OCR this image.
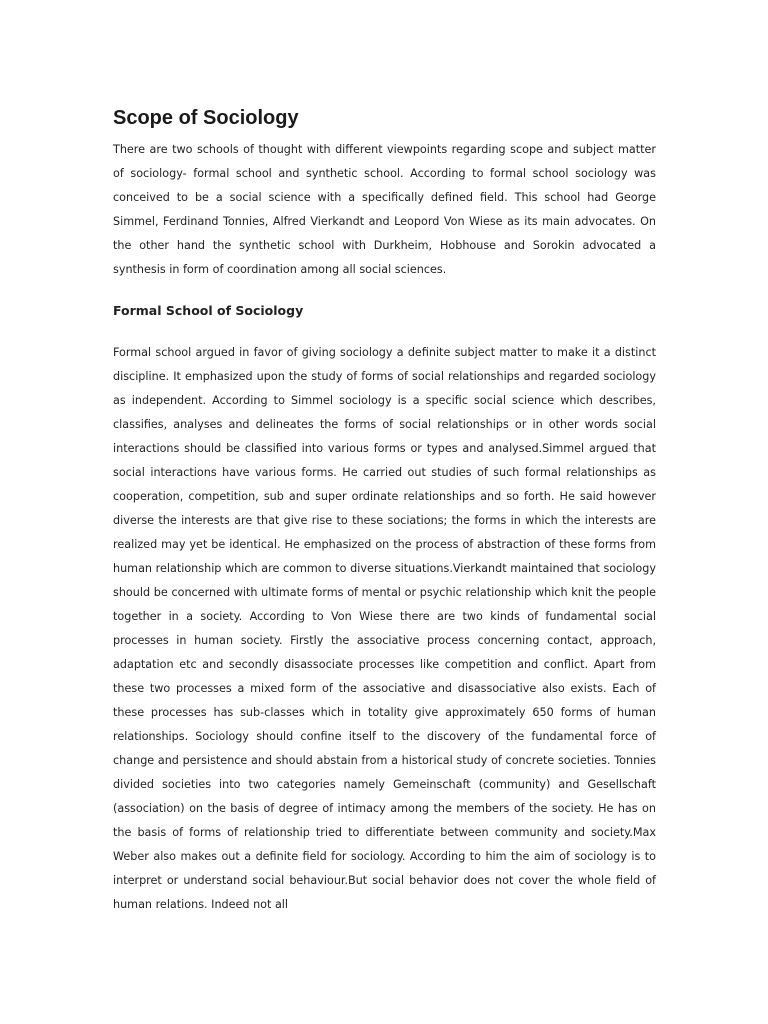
Scope of Sociology

There are two schools of thought with different viewpoints regarding scope and subject matter of sociology- formal school and synthetic school. According to formal school sociology was conceived to be a social science with a specifically defined field. This school had George Simmel, Ferdinand Tonnies, Alfred Vierkandt and Leopord Von Wiese as its main advocates. On the other hand the synthetic school with Durkheim, Hobhouse and Sorokin advocated a synthesis in form of coordination among all social sciences.

Formal School of Sociology

Formal school argued in favor of giving sociology a definite subject matter to make it a distinct discipline. It emphasized upon the study of forms of social relationships and regarded sociology as independent. According to Simmel sociology is a specific social science which describes, classifies, analyses and delineates the forms of social relationships or in other words social interactions should be classified into various forms or types and analysed.Simmel argued that social interactions have various forms. He carried out studies of such formal relationships as cooperation, competition, sub and super ordinate relationships and so forth. He said however diverse the interests are that give rise to these sociations; the forms in which the interests are realized may yet be identical. He emphasized on the process of abstraction of these forms from human relationship which are common to diverse situations.Vierkandt maintained that sociology should be concerned with ultimate forms of mental or psychic relationship which knit the people together in a society. According to Von Wiese there are two kinds of fundamental social processes in human society. Firstly the associative process concerning contact, approach, adaptation etc and secondly disassociate processes like competition and conflict. Apart from these two processes a mixed form of the associative and disassociative also exists. Each of these processes has sub-classes which in totality give approximately 650 forms of human relationships. Sociology should confine itself to the discovery of the fundamental force of change and persistence and should abstain from a historical study of concrete societies. Tonnies divided societies into two categories namely Gemeinschaft (community) and Gesellschaft (association) on the basis of degree of intimacy among the members of the society. He has on the basis of forms of relationship tried to differentiate between community and society.Max Weber also makes out a definite field for sociology. According to him the aim of sociology is to interpret or understand social behaviour.But social behavior does not cover the whole field of human relations. Indeed not all
